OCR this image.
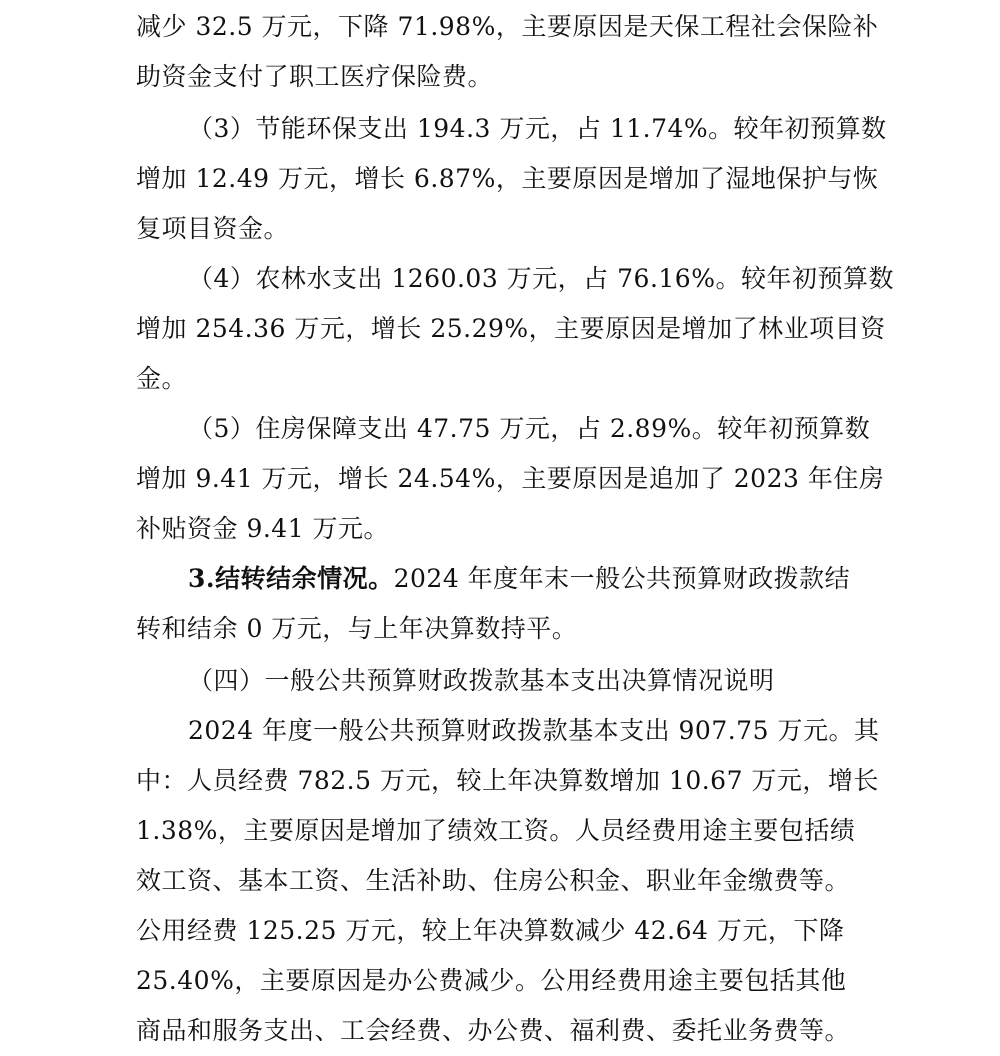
减少 32.5 万元，下降 71.98%，主要原因是天保工程社会保险补
助资金支付了职工医疗保险费。
（3）节能环保支出 194.3 万元，占 11.74%。较年初预算数
增加 12.49 万元，增长 6.87%，主要原因是增加了湿地保护与恢
复项目资金。
（4）农林水支出 1260.03 万元，占 76.16%。较年初预算数
增加 254.36 万元，增长 25.29%，主要原因是增加了林业项目资
金。
（5）住房保障支出 47.75 万元，占 2.89%。较年初预算数
增加 9.41 万元，增长 24.54%，主要原因是追加了 2023 年住房
补贴资金 9.41 万元。
3.结转结余情况。2024 年度年末一般公共预算财政拨款结
转和结余 0 万元，与上年决算数持平。
（四）一般公共预算财政拨款基本支出决算情况说明
2024 年度一般公共预算财政拨款基本支出 907.75 万元。其
中：人员经费 782.5 万元，较上年决算数增加 10.67 万元，增长
1.38%，主要原因是增加了绩效工资。人员经费用途主要包括绩
效工资、基本工资、生活补助、住房公积金、职业年金缴费等。
公用经费 125.25 万元，较上年决算数减少 42.64 万元，下降
25.40%，主要原因是办公费减少。公用经费用途主要包括其他
商品和服务支出、工会经费、办公费、福利费、委托业务费等。
